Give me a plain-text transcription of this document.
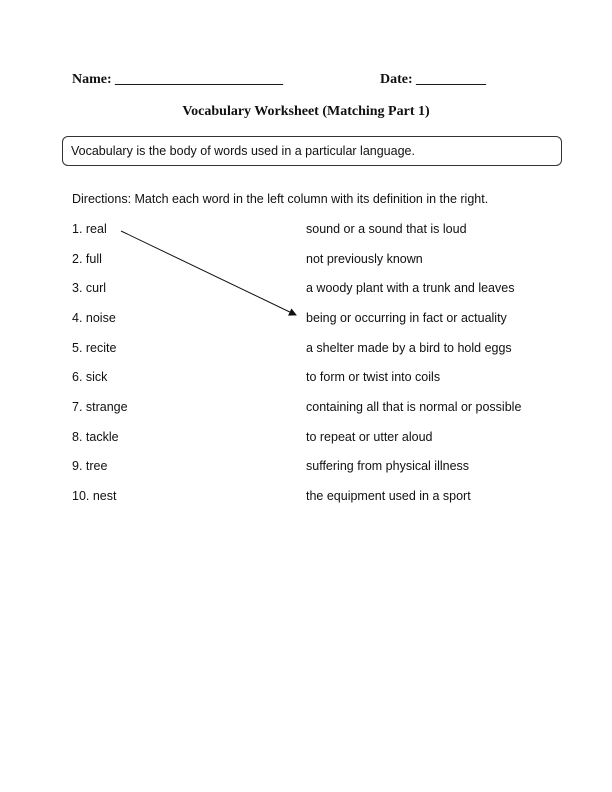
Name: ________________________	Date: __________
Vocabulary Worksheet (Matching Part 1)
Vocabulary is the body of words used in a particular language.
Directions: Match each word in the left column with its definition in the right.
1. real
2. full
3. curl
4. noise
5. recite
6. sick
7. strange
8. tackle
9. tree
10. nest
sound or a sound that is loud
not previously known
a woody plant with a trunk and leaves
being or occurring in fact or actuality
a shelter made by a bird to hold eggs
to form or twist into coils
containing all that is normal or possible
to repeat or utter aloud
suffering from physical illness
the equipment used in a sport
